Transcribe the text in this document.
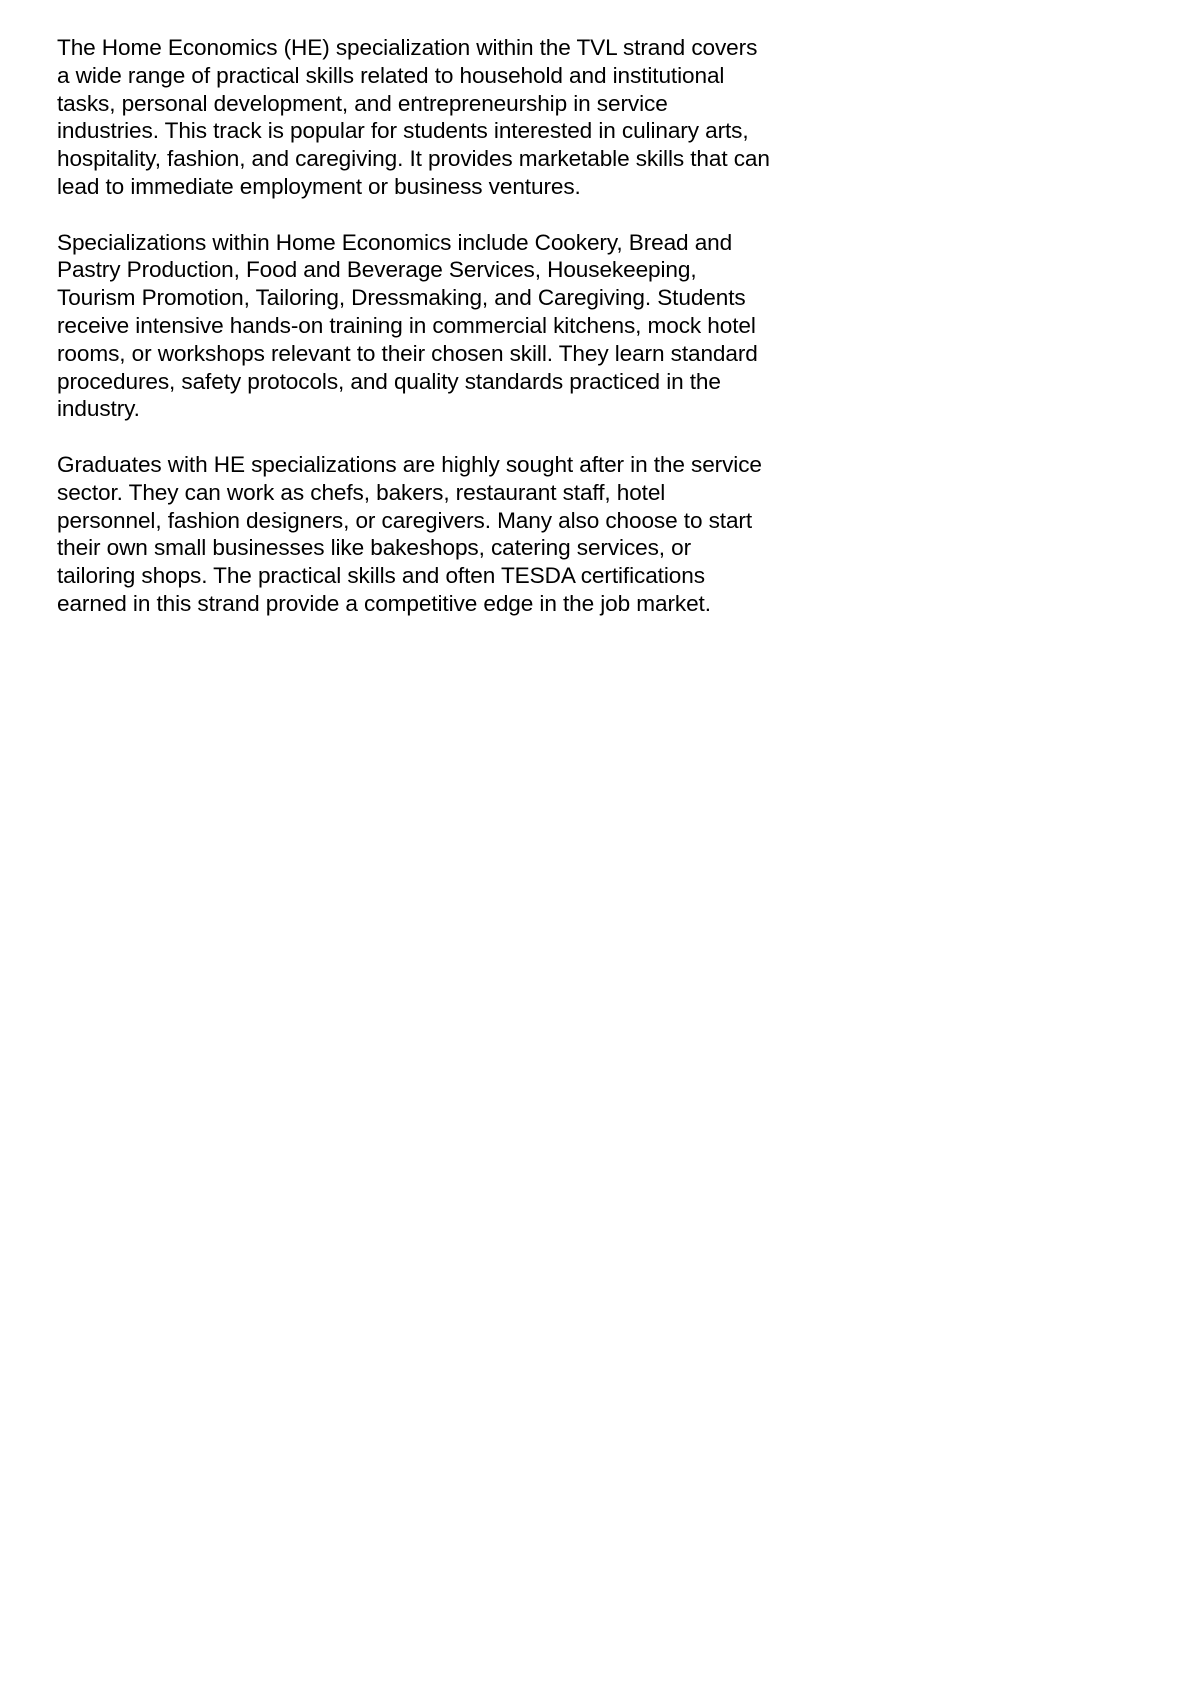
The Home Economics (HE) specialization within the TVL strand covers
a wide range of practical skills related to household and institutional
tasks, personal development, and entrepreneurship in service
industries. This track is popular for students interested in culinary arts,
hospitality, fashion, and caregiving. It provides marketable skills that can
lead to immediate employment or business ventures.

Specializations within Home Economics include Cookery, Bread and
Pastry Production, Food and Beverage Services, Housekeeping,
Tourism Promotion, Tailoring, Dressmaking, and Caregiving. Students
receive intensive hands-on training in commercial kitchens, mock hotel
rooms, or workshops relevant to their chosen skill. They learn standard
procedures, safety protocols, and quality standards practiced in the
industry.

Graduates with HE specializations are highly sought after in the service
sector. They can work as chefs, bakers, restaurant staff, hotel
personnel, fashion designers, or caregivers. Many also choose to start
their own small businesses like bakeshops, catering services, or
tailoring shops. The practical skills and often TESDA certifications
earned in this strand provide a competitive edge in the job market.
